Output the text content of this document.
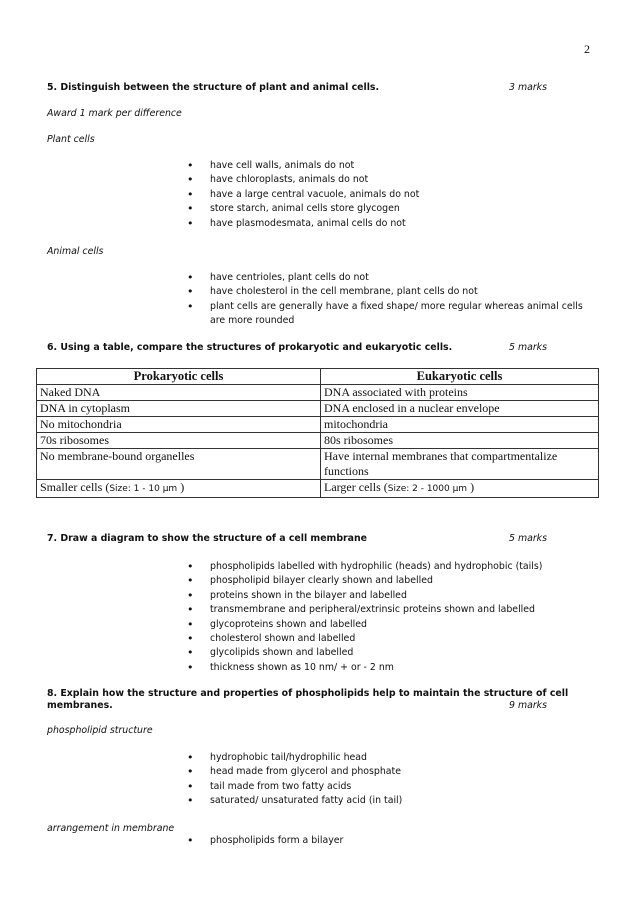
2
5. Distinguish between the structure of plant and animal cells.	3 marks
Award 1 mark per difference
Plant cells
• have cell walls, animals do not
• have chloroplasts, animals do not
• have a large central vacuole, animals do not
• store starch, animal cells store glycogen
• have plasmodesmata, animal cells do not
Animal cells
• have centrioles, plant cells do not
• have cholesterol in the cell membrane, plant cells do not
• plant cells are generally have a fixed shape/ more regular whereas animal cells are more rounded
6. Using a table, compare the structures of prokaryotic and eukaryotic cells.	5 marks
Prokaryotic cells	Eukaryotic cells
Naked DNA	DNA associated with proteins
DNA in cytoplasm	DNA enclosed in a nuclear envelope
No mitochondria	mitochondria
70s ribosomes	80s ribosomes
No membrane-bound organelles	Have internal membranes that compartmentalize functions
Smaller cells (Size: 1 - 10 µm )	Larger cells (Size: 2 - 1000 µm )
7. Draw a diagram to show the structure of a cell membrane	5 marks
• phospholipids labelled with hydrophilic (heads) and hydrophobic (tails)
• phospholipid bilayer clearly shown and labelled
• proteins shown in the bilayer and labelled
• transmembrane and peripheral/extrinsic proteins shown and labelled
• glycoproteins shown and labelled
• cholesterol shown and labelled
• glycolipids shown and labelled
• thickness shown as 10 nm/ + or - 2 nm
8. Explain how the structure and properties of phospholipids help to maintain the structure of cell
membranes.	9 marks
phospholipid structure
• hydrophobic tail/hydrophilic head
• head made from glycerol and phosphate
• tail made from two fatty acids
• saturated/ unsaturated fatty acid (in tail)
arrangement in membrane
• phospholipids form a bilayer
